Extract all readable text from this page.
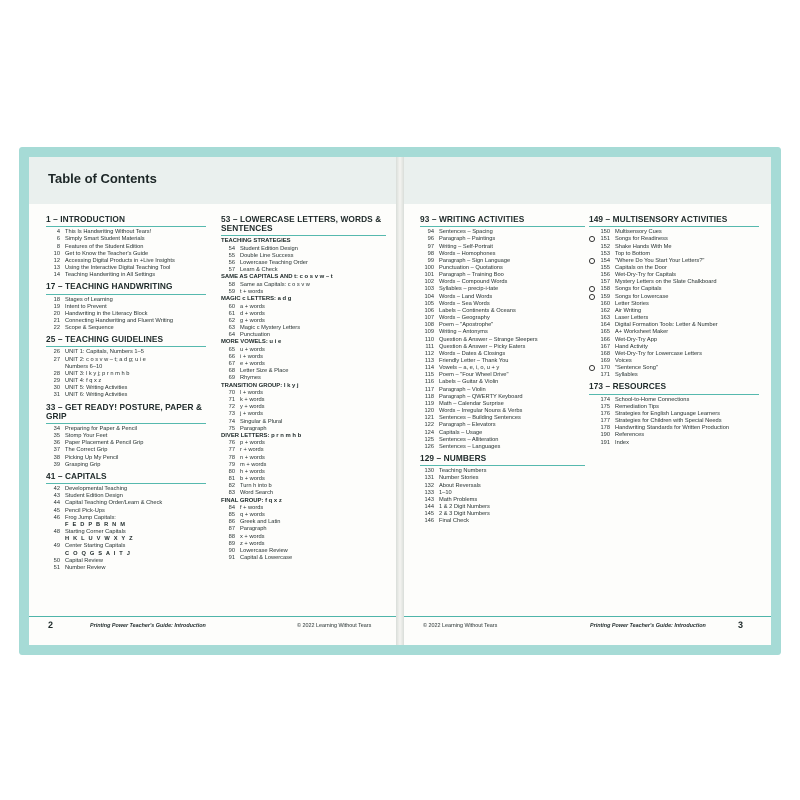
Table of Contents
1 – INTRODUCTION
4 This Is Handwriting Without Tears!
6 Simply Smart Student Materials
8 Features of the Student Edition
10 Get to Know the Teacher's Guide
12 Accessing Digital Products in +Live Insights
13 Using the Interactive Digital Teaching Tool
14 Teaching Handwriting in All Settings
17 – TEACHING HANDWRITING
18 Stages of Learning
19 Intent to Prevent
20 Handwriting in the Literacy Block
21 Connecting Handwriting and Fluent Writing
22 Scope & Sequence
25 – TEACHING GUIDELINES
26 UNIT 1: Capitals, Numbers 1–5
27 UNIT 2: c o s v w – t; a d g; u i e
Numbers 6–10
28 UNIT 3: l k y j; p r n m h b
29 UNIT 4: f q x z
30 UNIT 5: Writing Activities
31 UNIT 6: Writing Activities
33 – GET READY! POSTURE, PAPER & GRIP
34 Preparing for Paper & Pencil
35 Stomp Your Feet
36 Paper Placement & Pencil Grip
37 The Correct Grip
38 Picking Up My Pencil
39 Grasping Grip
41 – CAPITALS
42 Developmental Teaching
43 Student Edition Design
44 Capital Teaching Order/Learn & Check
45 Pencil Pick-Ups
46 Frog Jump Capitals:
F E D P B R N M
48 Starting Corner Capitals
H K L U V W X Y Z
49 Center Starting Capitals
C O Q G S A I T J
50 Capital Review
51 Number Review
53 – LOWERCASE LETTERS, WORDS & SENTENCES
TEACHING STRATEGIES
54 Student Edition Design
55 Double Line Success
56 Lowercase Teaching Order
57 Learn & Check
SAME AS CAPITALS AND t: c o s v w – t
58 Same as Capitals: c o s v w
59 t + words
MAGIC c LETTERS: a d g
60 a + words
61 d + words
62 g + words
63 Magic c Mystery Letters
64 Punctuation
MORE VOWELS: u i e
65 u + words
66 i + words
67 e + words
68 Letter Size & Place
69 Rhymes
TRANSITION GROUP: l k y j
70 l + words
71 k + words
72 y + words
73 j + words
74 Singular & Plural
75 Paragraph
DIVER LETTERS: p r n m h b
76 p + words
77 r + words
78 n + words
79 m + words
80 h + words
81 b + words
82 Turn h into b
83 Word Search
FINAL GROUP: f q x z
84 f + words
85 q + words
86 Greek and Latin
87 Paragraph
88 x + words
89 z + words
90 Lowercase Review
91 Capital & Lowercase
2	Printing Power Teacher's Guide: Introduction	© 2022 Learning Without Tears
93 – WRITING ACTIVITIES
94 Sentences – Spacing
96 Paragraph – Paintings
97 Writing – Self-Portrait
98 Words – Homophones
99 Paragraph – Sign Language
100 Punctuation – Quotations
101 Paragraph – Training Boo
102 Words – Compound Words
103 Syllables – precip-i-tate
104 Words – Land Words
105 Words – Sea Words
106 Labels – Continents & Oceans
107 Words – Geography
108 Poem – "Apostrophe"
109 Writing – Antonyms
110 Question & Answer – Strange Sleepers
111 Question & Answer – Picky Eaters
112 Words – Dates & Closings
113 Friendly Letter – Thank You
114 Vowels – a, e, i, o, u + y
115 Poem – "Four Wheel Drive"
116 Labels – Guitar & Violin
117 Paragraph – Violin
118 Paragraph – QWERTY Keyboard
119 Math – Calendar Surprise
120 Words – Irregular Nouns & Verbs
121 Sentences – Building Sentences
122 Paragraph – Elevators
124 Capitals – Usage
125 Sentences – Alliteration
126 Sentences – Languages
129 – NUMBERS
130 Teaching Numbers
131 Number Stories
132 About Reversals
133 1–10
143 Math Problems
144 1 & 2 Digit Numbers
145 2 & 3 Digit Numbers
146 Final Check
149 – MULTISENSORY ACTIVITIES
150 Multisensory Cues
151 Songs for Readiness
152 Shake Hands With Me
153 Top to Bottom
154 "Where Do You Start Your Letters?"
155 Capitals on the Door
156 Wet-Dry-Try for Capitals
157 Mystery Letters on the Slate Chalkboard
158 Songs for Capitals
159 Songs for Lowercase
160 Letter Stories
162 Air Writing
163 Laser Letters
164 Digital Formation Tools: Letter & Number
165 A+ Worksheet Maker
166 Wet-Dry-Try App
167 Hand Activity
168 Wet-Dry-Try for Lowercase Letters
169 Voices
170 "Sentence Song"
171 Syllables
173 – RESOURCES
174 School-to-Home Connections
175 Remediation Tips
176 Strategies for English Language Learners
177 Strategies for Children with Special Needs
178 Handwriting Standards for Written Production
190 References
191 Index
© 2022 Learning Without Tears	Printing Power Teacher's Guide: Introduction	3
